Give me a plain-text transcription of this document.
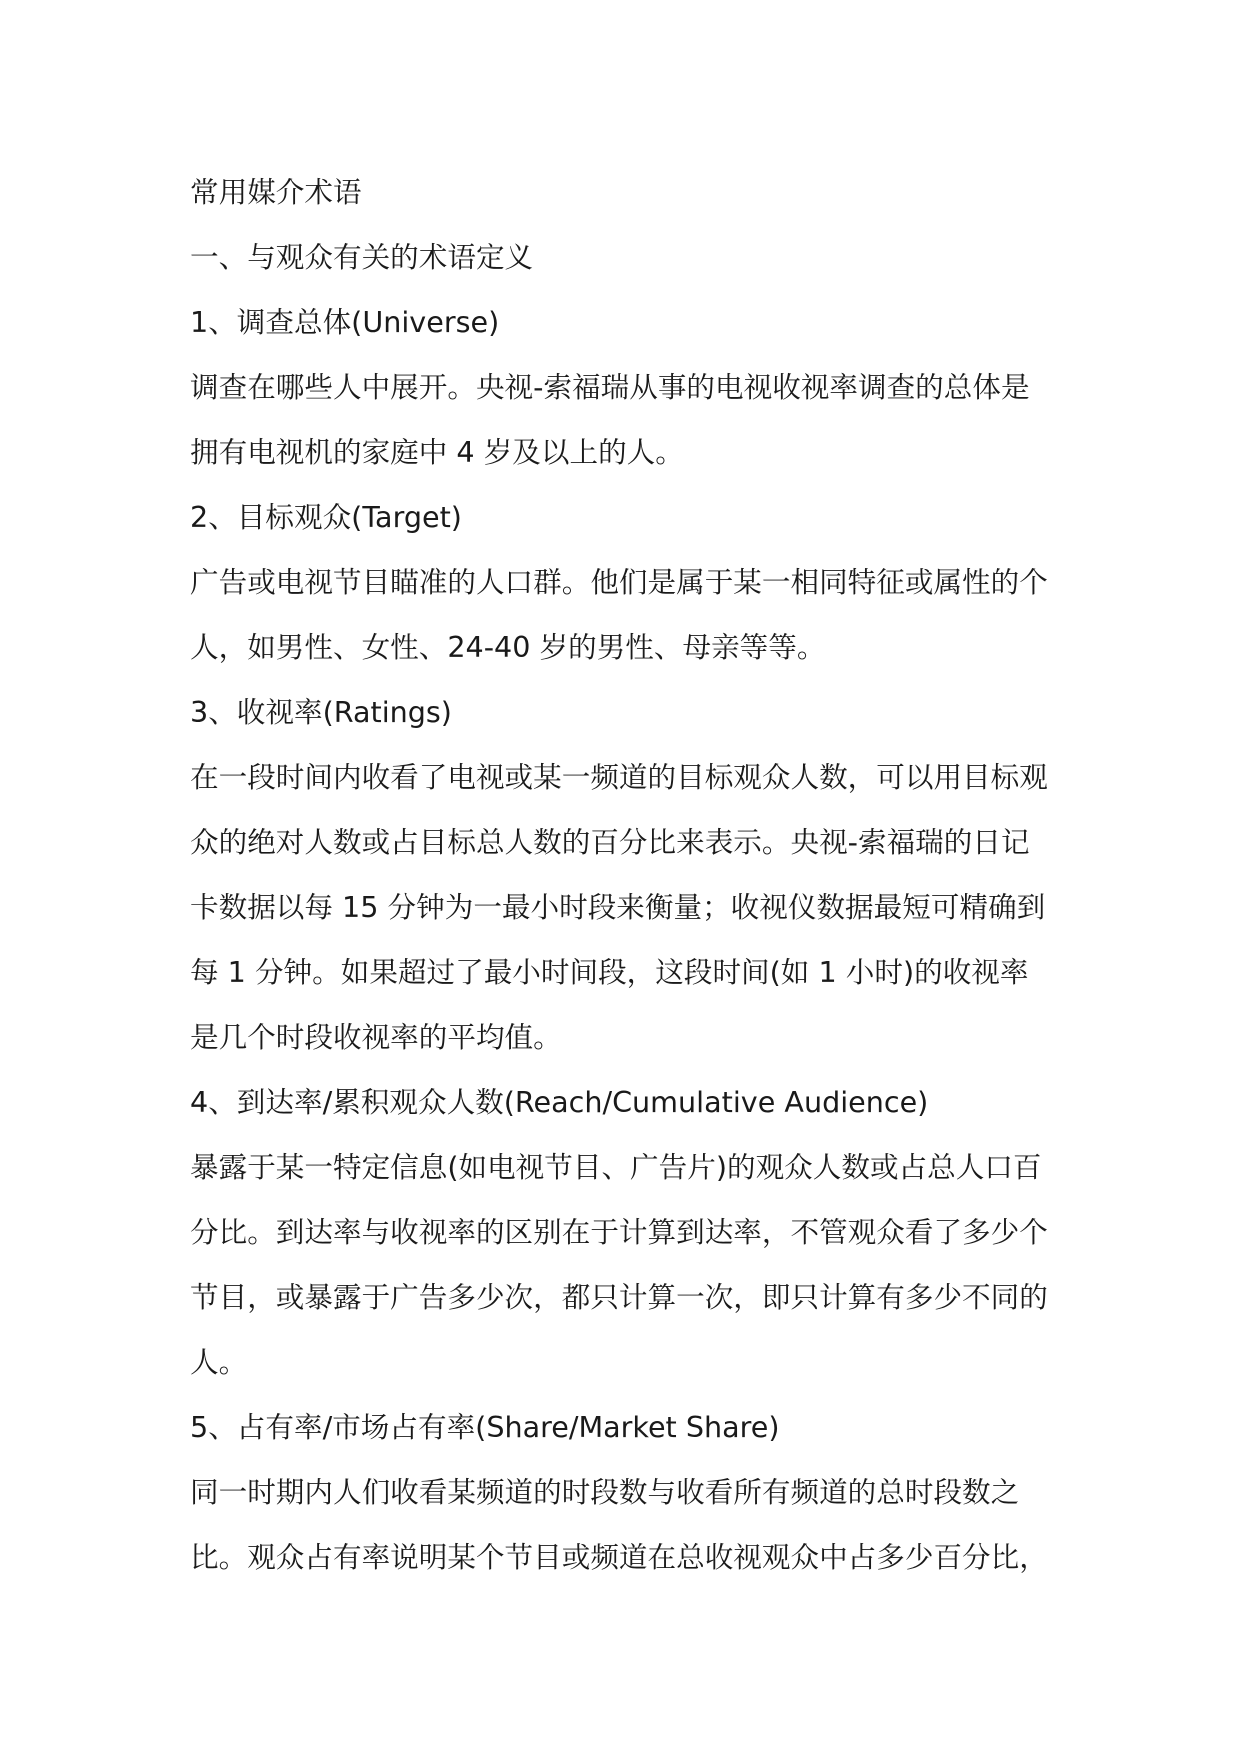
常用媒介术语
一、与观众有关的术语定义
1、调查总体(Universe)
调查在哪些人中展开。央视-索福瑞从事的电视收视率调查的总体是
拥有电视机的家庭中 4 岁及以上的人。
2、目标观众(Target)
广告或电视节目瞄准的人口群。他们是属于某一相同特征或属性的个
人，如男性、女性、24-40 岁的男性、母亲等等。
3、收视率(Ratings)
在一段时间内收看了电视或某一频道的目标观众人数，可以用目标观
众的绝对人数或占目标总人数的百分比来表示。央视-索福瑞的日记
卡数据以每 15 分钟为一最小时段来衡量；收视仪数据最短可精确到
每 1 分钟。如果超过了最小时间段，这段时间(如 1 小时)的收视率
是几个时段收视率的平均值。
4、到达率/累积观众人数(Reach/Cumulative Audience)
暴露于某一特定信息(如电视节目、广告片)的观众人数或占总人口百
分比。到达率与收视率的区别在于计算到达率，不管观众看了多少个
节目，或暴露于广告多少次，都只计算一次，即只计算有多少不同的
人。
5、占有率/市场占有率(Share/Market Share)
同一时期内人们收看某频道的时段数与收看所有频道的总时段数之
比。观众占有率说明某个节目或频道在总收视观众中占多少百分比，
